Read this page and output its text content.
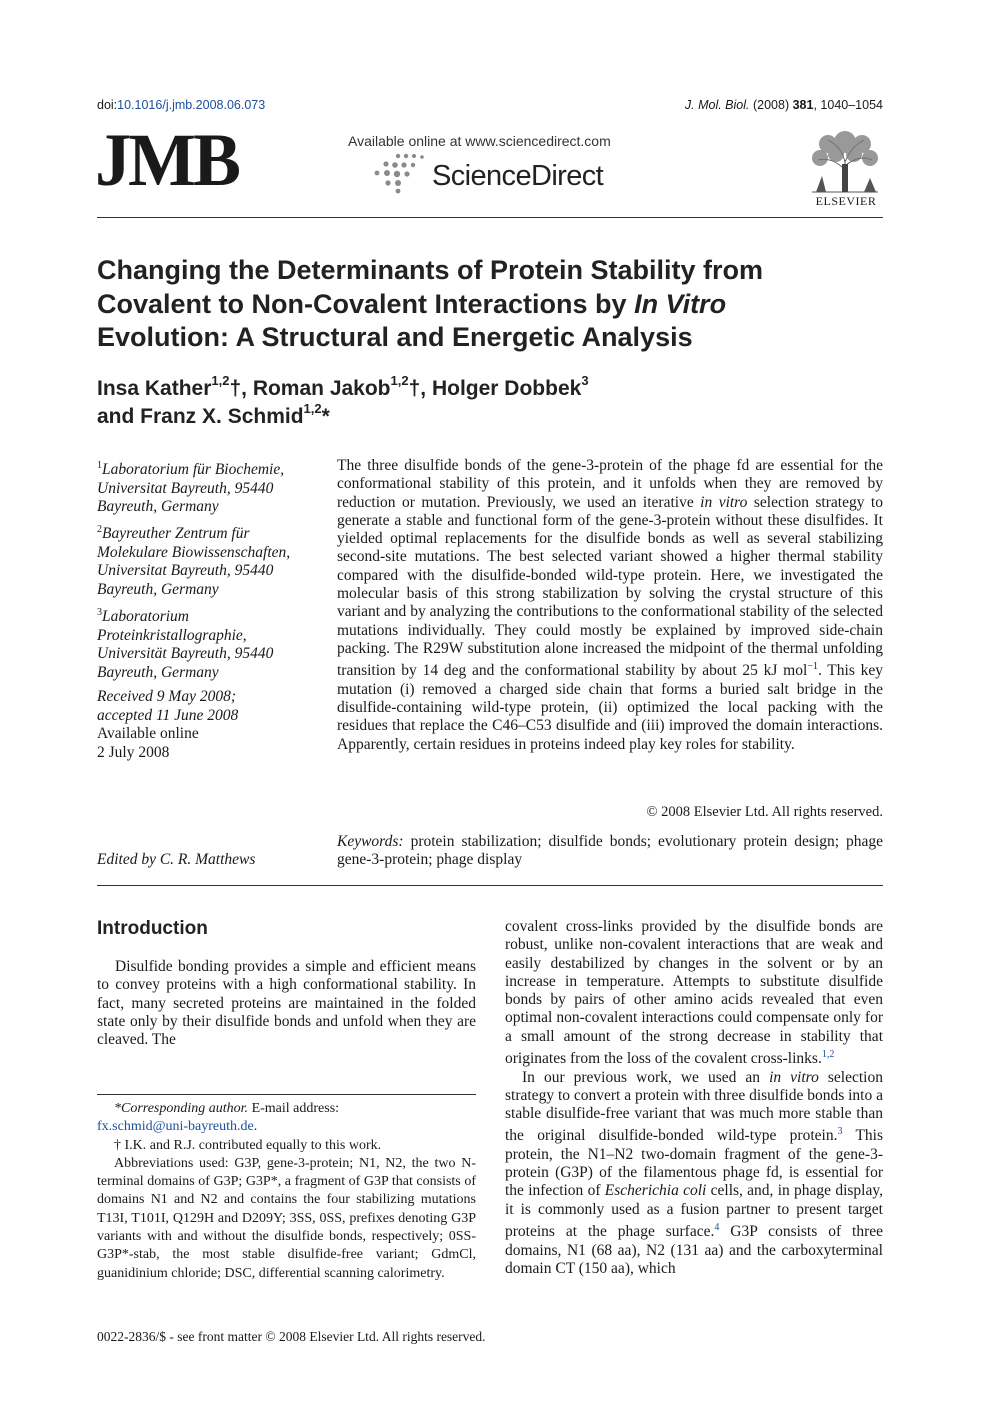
doi:10.1016/j.jmb.2008.06.073	J. Mol. Biol. (2008) 381, 1040–1054
JMB	Available online at www.sciencedirect.com
ScienceDirect
ELSEVIER
Changing the Determinants of Protein Stability from
Covalent to Non-Covalent Interactions by In Vitro
Evolution: A Structural and Energetic Analysis
Insa Kather$^{1,2}$†, Roman Jakob$^{1,2}$†, Holger Dobbek$^3$
and Franz X. Schmid$^{1,2}$*
$^1$Laboratorium für Biochemie,
Universitat Bayreuth, 95440
Bayreuth, Germany
$^2$Bayreuther Zentrum für
Molekulare Biowissenschaften,
Universitat Bayreuth, 95440
Bayreuth, Germany
$^3$Laboratorium
Proteinkristallographie,
Universität Bayreuth, 95440
Bayreuth, Germany
Received 9 May 2008;
accepted 11 June 2008
Available online
2 July 2008
Edited by C. R. Matthews
The three disulfide bonds of the gene-3-protein of the phage fd are essential for the conformational stability of this protein, and it unfolds when they are removed by reduction or mutation. Previously, we used an iterative in vitro selection strategy to generate a stable and functional form of the gene-3-protein without these disulfides. It yielded optimal replacements for the disulfide bonds as well as several stabilizing second-site mutations. The best selected variant showed a higher thermal stability compared with the disulfide-bonded wild-type protein. Here, we investigated the molecular basis of this strong stabilization by solving the crystal structure of this variant and by analyzing the contributions to the conformational stability of the selected mutations individually. They could mostly be explained by improved side-chain packing. The R29W substitution alone increased the midpoint of the thermal unfolding transition by 14 deg and the conformational stability by about 25 kJ mol$^{-1}$. This key mutation (i) removed a charged side chain that forms a buried salt bridge in the disulfide-containing wild-type protein, (ii) optimized the local packing with the residues that replace the C46–C53 disulfide and (iii) improved the domain interactions. Apparently, certain residues in proteins indeed play key roles for stability.
© 2008 Elsevier Ltd. All rights reserved.
Keywords: protein stabilization; disulfide bonds; evolutionary protein design; phage gene-3-protein; phage display
Introduction

Disulfide bonding provides a simple and efficient means to convey proteins with a high conformational stability. In fact, many secreted proteins are maintained in the folded state only by their disulfide bonds and unfold when they are cleaved. The

*Corresponding author. E-mail address:

fx.schmid@uni-bayreuth.de.

† I.K. and R.J. contributed equally to this work.

Abbreviations used: G3P, gene-3-protein; N1, N2, the two N-terminal domains of G3P; G3P*, a fragment of G3P that consists of domains N1 and N2 and contains the four stabilizing mutations T13I, T101I, Q129H and D209Y; 3SS, 0SS, prefixes denoting G3P variants with and without the disulfide bonds, respectively; 0SS-G3P*-stab, the most stable disulfide-free variant; GdmCl, guanidinium chloride; DSC, differential scanning calorimetry.

covalent cross-links provided by the disulfide bonds are robust, unlike non-covalent interactions that are weak and easily destabilized by changes in the solvent or by an increase in temperature. Attempts to substitute disulfide bonds by pairs of other amino acids revealed that even optimal non-covalent interactions could compensate only for a small amount of the strong decrease in stability that originates from the loss of the covalent cross-links.$^{1,2}$

In our previous work, we used an in vitro selection strategy to convert a protein with three disulfide bonds into a stable disulfide-free variant that was much more stable than the original disulfide-bonded wild-type protein.$^3$ This protein, the N1–N2 two-domain fragment of the gene-3-protein (G3P) of the filamentous phage fd, is essential for the infection of Escherichia coli cells, and, in phage display, it is commonly used as a fusion partner to present target proteins at the phage surface.$^4$ G3P consists of three domains, N1 (68 aa), N2 (131 aa) and the carboxyterminal domain CT (150 aa), which

0022-2836/$ - see front matter © 2008 Elsevier Ltd. All rights reserved.
